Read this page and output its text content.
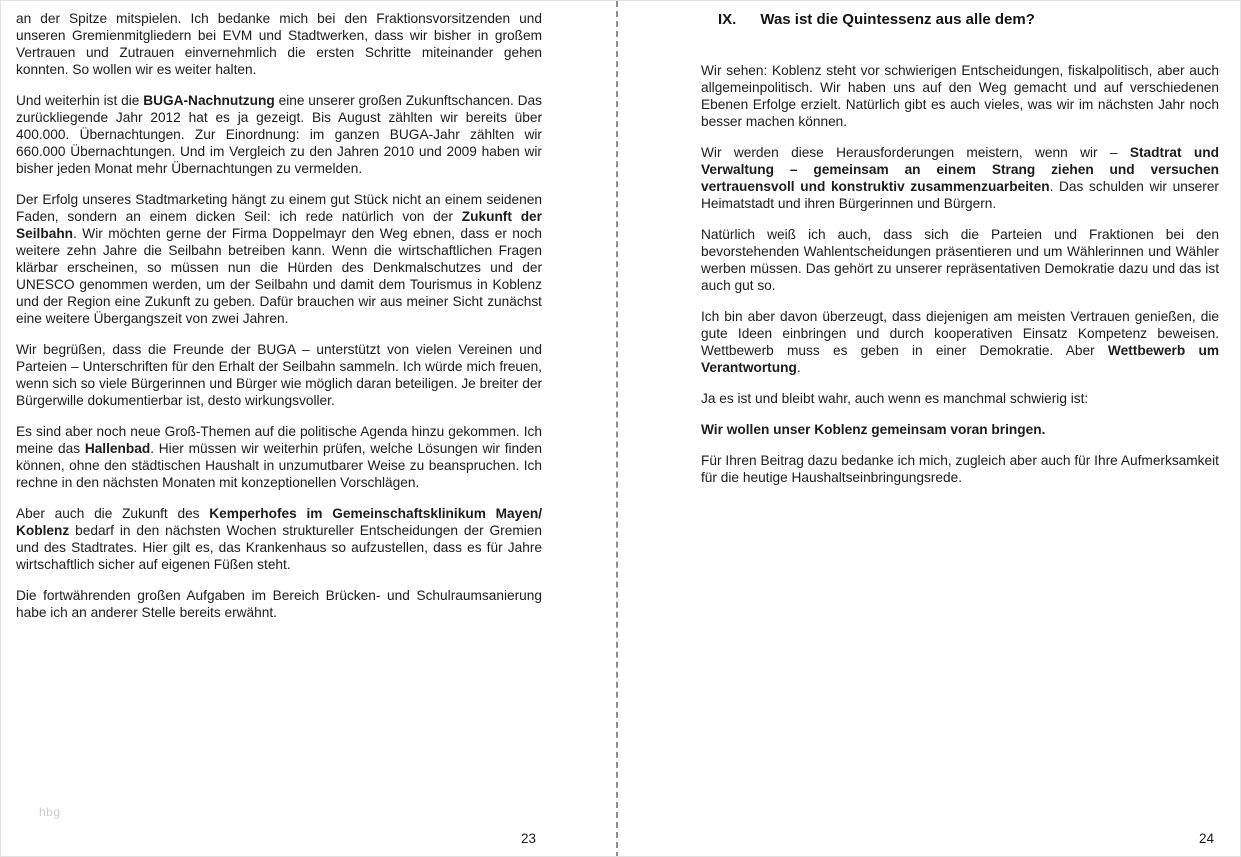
an der Spitze mitspielen. Ich bedanke mich bei den Fraktionsvorsitzenden und unseren Gremienmitgliedern bei EVM und Stadtwerken, dass wir bisher in großem Vertrauen und Zutrauen einvernehmlich die ersten Schritte miteinander gehen konnten. So wollen wir es weiter halten.

Und weiterhin ist die BUGA-Nachnutzung eine unserer großen Zukunftschancen. Das zurückliegende Jahr 2012 hat es ja gezeigt. Bis August zählten wir bereits über 400.000. Übernachtungen. Zur Einordnung: im ganzen BUGA-Jahr zählten wir 660.000 Übernachtungen. Und im Vergleich zu den Jahren 2010 und 2009 haben wir bisher jeden Monat mehr Übernachtungen zu vermelden.

Der Erfolg unseres Stadtmarketing hängt zu einem gut Stück nicht an einem seidenen Faden, sondern an einem dicken Seil: ich rede natürlich von der Zukunft der Seilbahn. Wir möchten gerne der Firma Doppelmayr den Weg ebnen, dass er noch weitere zehn Jahre die Seilbahn betreiben kann. Wenn die wirtschaftlichen Fragen klärbar erscheinen, so müssen nun die Hürden des Denkmalschutzes und der UNESCO genommen werden, um der Seilbahn und damit dem Tourismus in Koblenz und der Region eine Zukunft zu geben. Dafür brauchen wir aus meiner Sicht zunächst eine weitere Übergangszeit von zwei Jahren.

Wir begrüßen, dass die Freunde der BUGA – unterstützt von vielen Vereinen und Parteien – Unterschriften für den Erhalt der Seilbahn sammeln. Ich würde mich freuen, wenn sich so viele Bürgerinnen und Bürger wie möglich daran beteiligen. Je breiter der Bürgerwille dokumentierbar ist, desto wirkungsvoller.

Es sind aber noch neue Groß-Themen auf die politische Agenda hinzu gekommen. Ich meine das Hallenbad. Hier müssen wir weiterhin prüfen, welche Lösungen wir finden können, ohne den städtischen Haushalt in unzumutbarer Weise zu beanspruchen. Ich rechne in den nächsten Monaten mit konzeptionellen Vorschlägen.

Aber auch die Zukunft des Kemperhofes im Gemeinschaftsklinikum Mayen/ Koblenz bedarf in den nächsten Wochen struktureller Entscheidungen der Gremien und des Stadtrates. Hier gilt es, das Krankenhaus so aufzustellen, dass es für Jahre wirtschaftlich sicher auf eigenen Füßen steht.

Die fortwährenden großen Aufgaben im Bereich Brücken- und Schulraumsanierung habe ich an anderer Stelle bereits erwähnt.

hbg
23
IX. Was ist die Quintessenz aus alle dem?

Wir sehen: Koblenz steht vor schwierigen Entscheidungen, fiskalpolitisch, aber auch allgemeinpolitisch. Wir haben uns auf den Weg gemacht und auf verschiedenen Ebenen Erfolge erzielt. Natürlich gibt es auch vieles, was wir im nächsten Jahr noch besser machen können.

Wir werden diese Herausforderungen meistern, wenn wir – Stadtrat und Verwaltung – gemeinsam an einem Strang ziehen und versuchen vertrauensvoll und konstruktiv zusammenzuarbeiten. Das schulden wir unserer Heimatstadt und ihren Bürgerinnen und Bürgern.

Natürlich weiß ich auch, dass sich die Parteien und Fraktionen bei den bevorstehenden Wahlentscheidungen präsentieren und um Wählerinnen und Wähler werben müssen. Das gehört zu unserer repräsentativen Demokratie dazu und das ist auch gut so.

Ich bin aber davon überzeugt, dass diejenigen am meisten Vertrauen genießen, die gute Ideen einbringen und durch kooperativen Einsatz Kompetenz beweisen. Wettbewerb muss es geben in einer Demokratie. Aber Wettbewerb um Verantwortung.

Ja es ist und bleibt wahr, auch wenn es manchmal schwierig ist:

Wir wollen unser Koblenz gemeinsam voran bringen.

Für Ihren Beitrag dazu bedanke ich mich, zugleich aber auch für Ihre Aufmerksamkeit für die heutige Haushaltseinbringungsrede.

24
